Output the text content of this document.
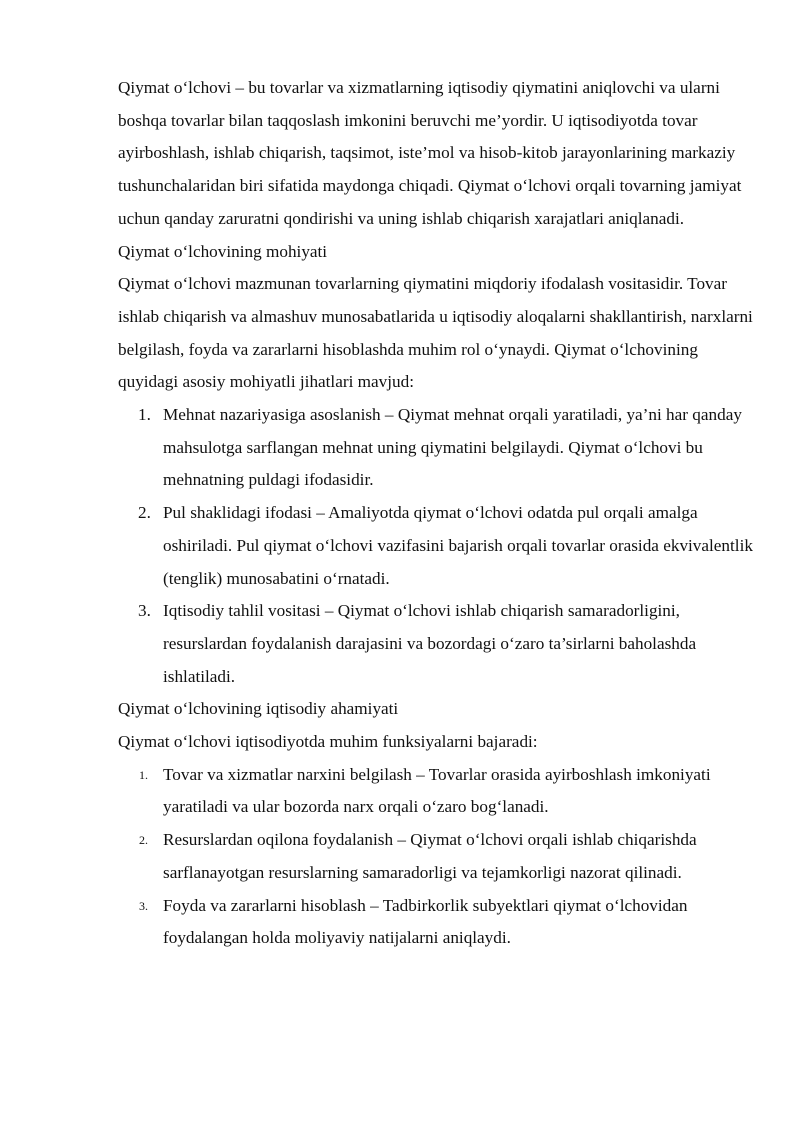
Qiymat o‘lchovi – bu tovarlar va xizmatlarning iqtisodiy qiymatini aniqlovchi va ularni boshqa tovarlar bilan taqqoslash imkonini beruvchi me’yordir. U iqtisodiyotda tovar ayirboshlash, ishlab chiqarish, taqsimot, iste’mol va hisob-kitob jarayonlarining markaziy tushunchalaridan biri sifatida maydonga chiqadi. Qiymat o‘lchovi orqali tovarning jamiyat uchun qanday zaruratni qondirishi va uning ishlab chiqarish xarajatlari aniqlanadi.

Qiymat o‘lchovining mohiyati

Qiymat o‘lchovi mazmunan tovarlarning qiymatini miqdoriy ifodalash vositasidir. Tovar ishlab chiqarish va almashuv munosabatlarida u iqtisodiy aloqalarni shakllantirish, narxlarni belgilash, foyda va zararlarni hisoblashda muhim rol o‘ynaydi. Qiymat o‘lchovining quyidagi asosiy mohiyatli jihatlari mavjud:

1. Mehnat nazariyasiga asoslanish – Qiymat mehnat orqali yaratiladi, ya’ni har qanday mahsulotga sarflangan mehnat uning qiymatini belgilaydi. Qiymat o‘lchovi bu mehnatning puldagi ifodasidir.
2. Pul shaklidagi ifodasi – Amaliyotda qiymat o‘lchovi odatda pul orqali amalga oshiriladi. Pul qiymat o‘lchovi vazifasini bajarish orqali tovarlar orasida ekvivalentlik (tenglik) munosabatini o‘rnatadi.
3. Iqtisodiy tahlil vositasi – Qiymat o‘lchovi ishlab chiqarish samaradorligini, resurslardan foydalanish darajasini va bozordagi o‘zaro ta’sirlarni baholashda ishlatiladi.

Qiymat o‘lchovining iqtisodiy ahamiyati

Qiymat o‘lchovi iqtisodiyotda muhim funksiyalarni bajaradi:

1. Tovar va xizmatlar narxini belgilash – Tovarlar orasida ayirboshlash imkoniyati yaratiladi va ular bozorda narx orqali o‘zaro bog‘lanadi.
2. Resurslardan oqilona foydalanish – Qiymat o‘lchovi orqali ishlab chiqarishda sarflanayotgan resurslarning samaradorligi va tejamkorligi nazorat qilinadi.
3. Foyda va zararlarni hisoblash – Tadbirkorlik subyektlari qiymat o‘lchovidan foydalangan holda moliyaviy natijalarni aniqlaydi.
